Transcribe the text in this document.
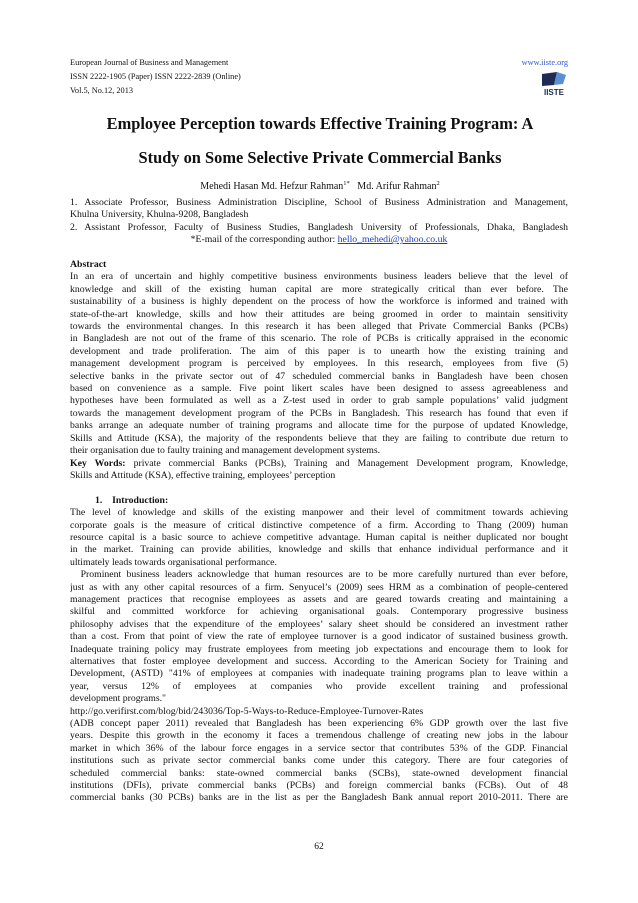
European Journal of Business and Management	www.iiste.org
ISSN 2222-1905 (Paper) ISSN 2222-2839 (Online)
Vol.5, No.12, 2013	IISTE
Employee Perception towards Effective Training Program: A
Study on Some Selective Private Commercial Banks
Mehedi Hasan Md. Hefzur Rahman$^{1*}$   Md. Arifur Rahman$^2$

1. Associate Professor, Business Administration Discipline, School of Business Administration and Management,

Khulna University, Khulna-9208, Bangladesh

2. Assistant Professor, Faculty of Business Studies, Bangladesh University of Professionals, Dhaka, Bangladesh

*E-mail of the corresponding author: hello_mehedi@yahoo.co.uk

Abstract

In an era of uncertain and highly competitive business environments business leaders believe that the level of

knowledge and skill of the existing human capital are more strategically critical than ever before. The

sustainability of a business is highly dependent on the process of how the workforce is informed and trained with

state-of-the-art knowledge, skills and how their attitudes are being groomed in order to maintain sensitivity

towards the environmental changes. In this research it has been alleged that Private Commercial Banks (PCBs)

in Bangladesh are not out of the frame of this scenario. The role of PCBs is critically appraised in the economic

development and trade proliferation. The aim of this paper is to unearth how the existing training and

management development program is perceived by employees. In this research, employees from five (5)

selective banks in the private sector out of 47 scheduled commercial banks in Bangladesh have been chosen

based on convenience as a sample. Five point likert scales have been designed to assess agreeableness and

hypotheses have been formulated as well as a Z-test used in order to grab sample populations’ valid judgment

towards the management development program of the PCBs in Bangladesh. This research has found that even if

banks arrange an adequate number of training programs and allocate time for the purpose of updated Knowledge,

Skills and Attitude (KSA), the majority of the respondents believe that they are failing to contribute due return to

their organisation due to faulty training and management development systems.

Key Words: private commercial Banks (PCBs), Training and Management Development program, Knowledge,

Skills and Attitude (KSA), effective training, employees’ perception

1.    Introduction:

The level of knowledge and skills of the existing manpower and their level of commitment towards achieving

corporate goals is the measure of critical distinctive competence of a firm. According to Thang (2009) human

resource capital is a basic source to achieve competitive advantage. Human capital is neither duplicated nor bought

in the market. Training can provide abilities, knowledge and skills that enhance individual performance and it

ultimately leads towards organisational performance.

Prominent business leaders acknowledge that human resources are to be more carefully nurtured than ever before,

just as with any other capital resources of a firm. Senyucel’s (2009) sees HRM as a combination of people-centered

management practices that recognise employees as assets and are geared towards creating and maintaining a

skilful and committed workforce for achieving organisational goals. Contemporary progressive business

philosophy advises that the expenditure of the employees’ salary sheet should be considered an investment rather

than a cost. From that point of view the rate of employee turnover is a good indicator of sustained business growth.

Inadequate training policy may frustrate employees from meeting job expectations and encourage them to look for

alternatives that foster employee development and success. According to the American Society for Training and

Development, (ASTD) "41% of employees at companies with inadequate training programs plan to leave within a

year, versus 12% of employees at companies who provide excellent training and professional

development programs."

http://go.verifirst.com/blog/bid/243036/Top-5-Ways-to-Reduce-Employee-Turnover-Rates

(ADB concept paper 2011) revealed that Bangladesh has been experiencing 6% GDP growth over the last five

years. Despite this growth in the economy it faces a tremendous challenge of creating new jobs in the labour

market in which 36% of the labour force engages in a service sector that contributes 53% of the GDP. Financial

institutions such as private sector commercial banks come under this category. There are four categories of

scheduled commercial banks: state-owned commercial banks (SCBs), state-owned development financial

institutions (DFIs), private commercial banks (PCBs) and foreign commercial banks (FCBs). Out of 48

commercial banks (30 PCBs) banks are in the list as per the Bangladesh Bank annual report 2010-2011. There are

62
